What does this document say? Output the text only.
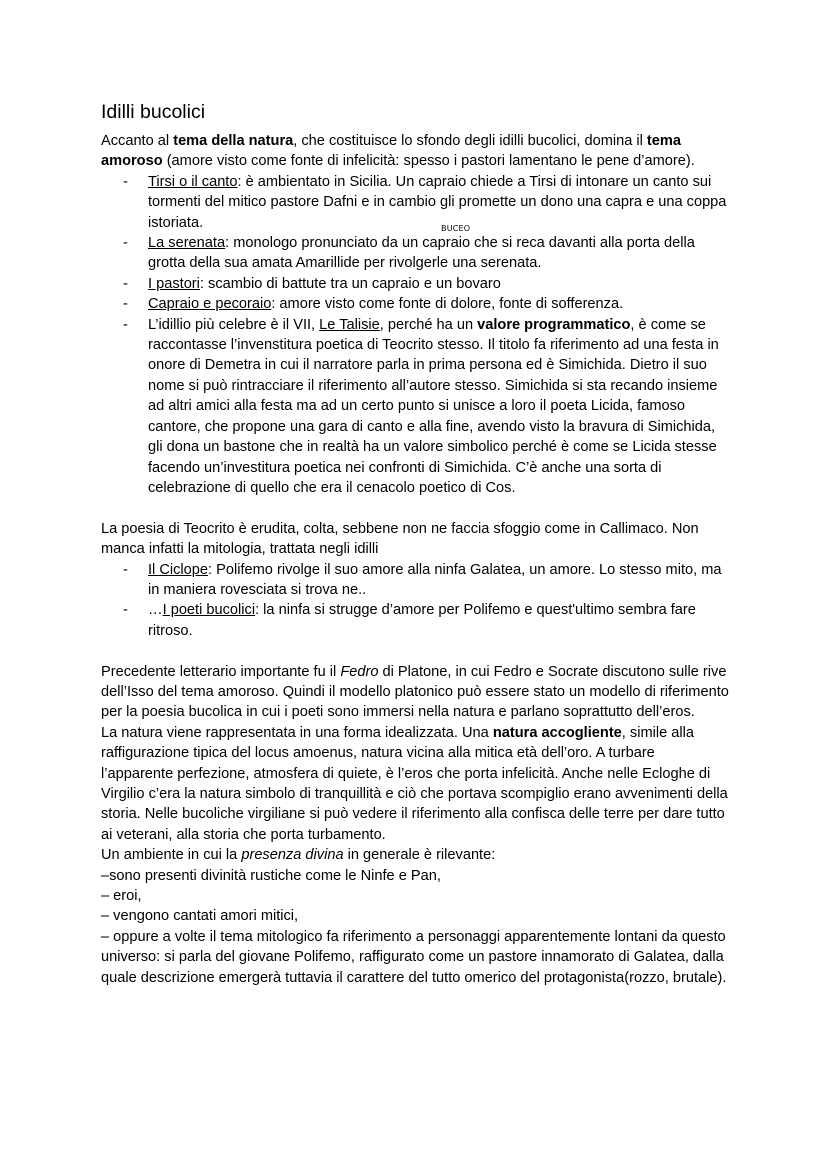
BUCEO
Idilli bucolici

Accanto al tema della natura, che costituisce lo sfondo degli idilli bucolici, domina il tema amoroso (amore visto come fonte di infelicità: spesso i pastori lamentano le pene d’amore).

- Tirsi o il canto: è ambientato in Sicilia. Un capraio chiede a Tirsi di intonare un canto sui tormenti del mitico pastore Dafni e in cambio gli promette un dono una capra e una coppa istoriata.
- La serenata: monologo pronunciato da un capraio che si reca davanti alla porta della grotta della sua amata Amarillide per rivolgerle una serenata.
- I pastori: scambio di battute tra un capraio e un bovaro
- Capraio e pecoraio: amore visto come fonte di dolore, fonte di sofferenza.
- L’idillio più celebre è il VII, Le Talisie, perché ha un valore programmatico, è come se raccontasse l’invenstitura poetica di Teocrito stesso. Il titolo fa riferimento ad una festa in onore di Demetra in cui il narratore parla in prima persona ed è Simichida. Dietro il suo nome si può rintracciare il riferimento all’autore stesso. Simichida si sta recando insieme ad altri amici alla festa ma ad un certo punto si unisce a loro il poeta Licida, famoso cantore, che propone una gara di canto e alla fine, avendo visto la bravura di Simichida, gli dona un bastone che in realtà ha un valore simbolico perché è come se Licida stesse facendo un’investitura poetica nei confronti di Simichida. C’è anche una sorta di celebrazione di quello che era il cenacolo poetico di Cos.

La poesia di Teocrito è erudita, colta, sebbene non ne faccia sfoggio come in Callimaco. Non manca infatti la mitologia, trattata negli idilli

- Il Ciclope: Polifemo rivolge il suo amore alla ninfa Galatea, un amore. Lo stesso mito, ma in maniera rovesciata si trova ne..
- …I poeti bucolici: la ninfa si strugge d’amore per Polifemo e quest'ultimo sembra fare ritroso.

Precedente letterario importante fu il Fedro di Platone, in cui Fedro e Socrate discutono sulle rive dell’Isso del tema amoroso. Quindi il modello platonico può essere stato un modello di riferimento per la poesia bucolica in cui i poeti sono immersi nella natura e parlano soprattutto dell’eros.

La natura viene rappresentata in una forma idealizzata. Una natura accogliente, simile alla raffigurazione tipica del locus amoenus, natura vicina alla mitica età dell’oro. A turbare l’apparente perfezione, atmosfera di quiete, è l’eros che porta infelicità. Anche nelle Ecloghe di Virgilio c’era la natura simbolo di tranquillità e ciò che portava scompiglio erano avvenimenti della storia. Nelle bucoliche virgiliane si può vedere il riferimento alla confisca delle terre per dare tutto ai veterani, alla storia che porta turbamento.

Un ambiente in cui la presenza divina in generale è rilevante:

–sono presenti divinità rustiche come le Ninfe e Pan,

– eroi,

– vengono cantati amori mitici,

– oppure a volte il tema mitologico fa riferimento a personaggi apparentemente lontani da questo universo: si parla del giovane Polifemo, raffigurato come un pastore innamorato di Galatea, dalla quale descrizione emergerà tuttavia il carattere del tutto omerico del protagonista(rozzo, brutale).
